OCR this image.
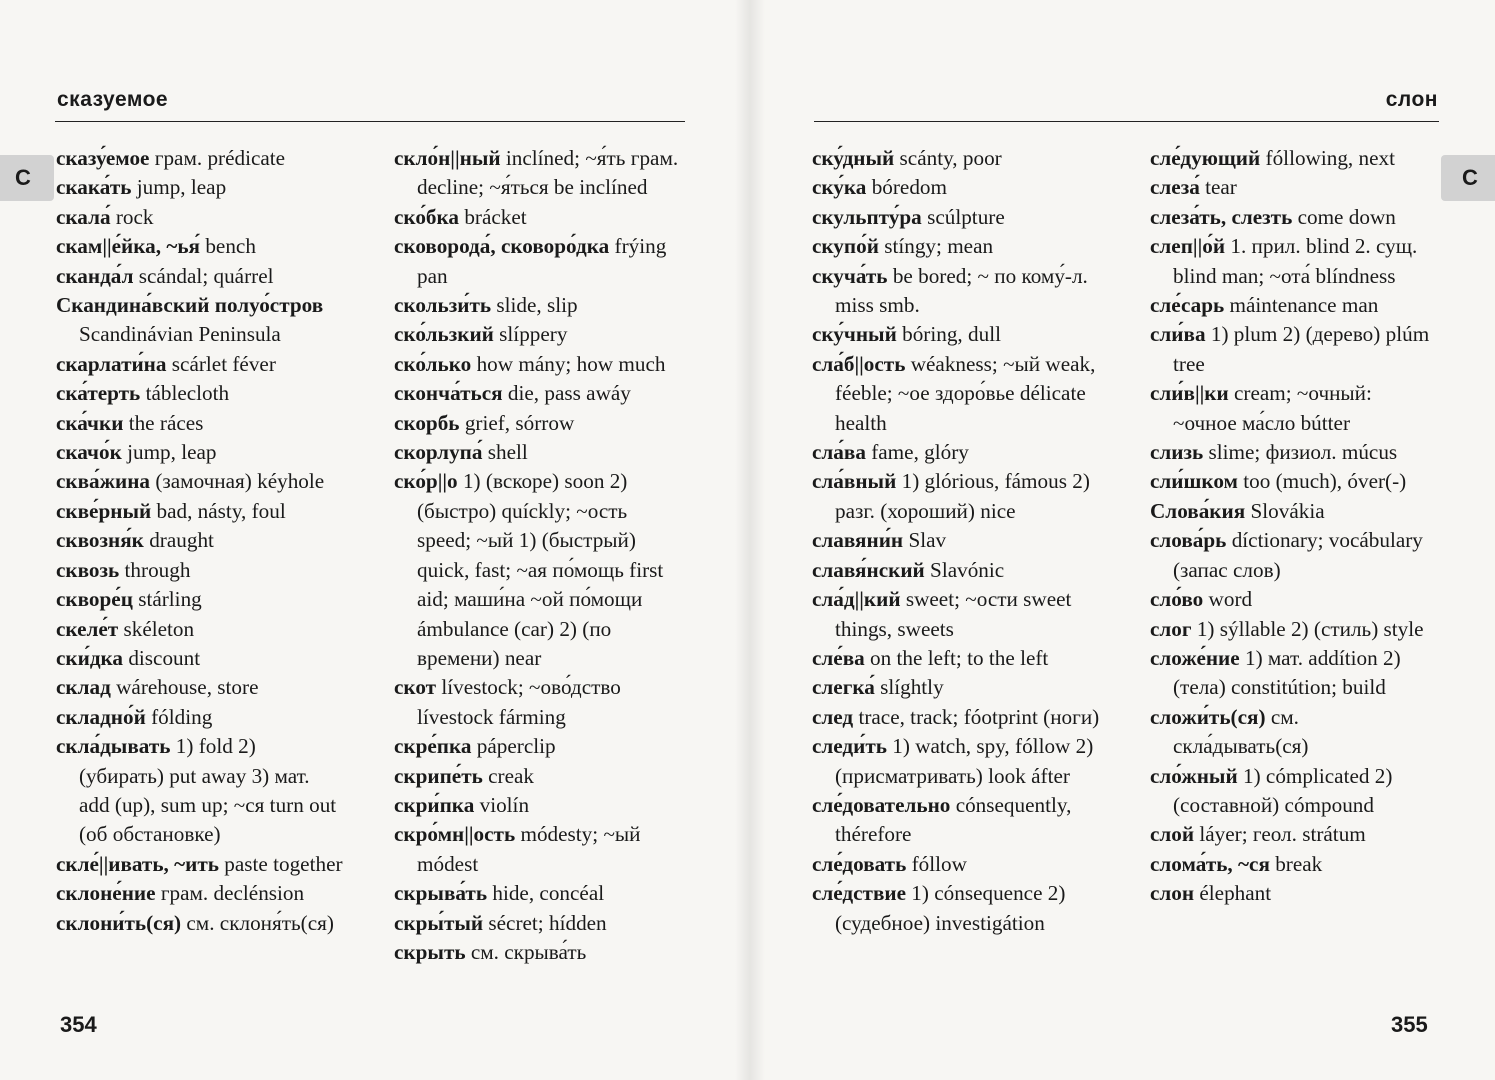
сказуемое
С

сказу́емое грам. prédicate

скака́ть jump, leap

скала́ rock

скам||е́йка, ~ья́ bench

сканда́л scándal; quárrel

Скандина́вский полуо́стров Scandinávian Peninsula

скарлати́на scárlet féver

ска́терть táblecloth

ска́чки the ráces

скачо́к jump, leap

сква́жина (замочная) kéyhole

скве́рный bad, násty, foul

сквозня́к draught

сквозь through

скворе́ц stárling

скеле́т skéleton

ски́дка discount

склад wárehouse, store

складно́й fólding

скла́дывать 1) fold 2) (убирать) put away 3) мат. add (up), sum up; ~ся turn out (об обстановке)

скле́||ивать, ~ить paste together

склоне́ние грам. declénsion

склони́ть(ся) см. склоня́ть(ся)

скло́н||ный inclíned; ~я́ть грам. decline; ~я́ться be inclíned

ско́бка brácket

сковорода́, сковоро́дка frýing pan

скользи́ть slide, slip

ско́льзкий slíppery

ско́лько how mány; how much

сконча́ться die, pass awáy

скорбь grief, sórrow

скорлупа́ shell

ско́р||о 1) (вскоре) soon 2) (быстро) quíckly; ~ость speed; ~ый 1) (быстрый) quick, fast; ~ая по́мощь first aid; маши́на ~ой по́мощи ámbulance (car) 2) (по времени) near

скот lívestock; ~ово́дство lívestock fárming

скре́пка páperclip

скрипе́ть creak

скри́пка violín

скро́мн||ость módesty; ~ый módest

скрыва́ть hide, concéal

скры́тый sécret; hídden

скрыть см. скрыва́ть

354
слон
С

ску́дный scánty, poor

ску́ка bóredom

скульпту́ра scúlpture

скупо́й stíngy; mean

скуча́ть be bored; ~ по кому́-л. miss smb.

ску́чный bóring, dull

сла́б||ость wéakness; ~ый weak, féeble; ~ое здоро́вье délicate health

сла́ва fame, glóry

сла́вный 1) glórious, fámous 2) разг. (хороший) nice

славяни́н Slav

славя́нский Slavónic

сла́д||кий sweet; ~ости sweet things, sweets

сле́ва on the left; to the left

слегка́ slíghtly

след trace, track; fóotprint (ноги)

следи́ть 1) watch, spy, fóllow 2) (присматривать) look áfter

сле́довательно cónsequently, thérefore

сле́довать fóllow

сле́дствие 1) cónsequence 2) (судебное) investigátion

сле́дующий fóllowing, next

слеза́ tear

слеза́ть, слезть come down

слеп||о́й 1. прил. blind 2. сущ. blind man; ~ота́ blíndness

сле́сарь máintenance man

сли́ва 1) plum 2) (дерево) plúm tree

сли́в||ки cream; ~очный: ~очное ма́сло bútter

слизь slime; физиол. múcus

сли́шком too (much), óver(-)

Слова́кия Slovákia

слова́рь díctionary; vocábulary (запас слов)

сло́во word

слог 1) sýllable 2) (стиль) style

сложе́ние 1) мат. addítion 2) (тела) constitútion; build

сложи́ть(ся) см. скла́дывать(ся)

сло́жный 1) cómplicated 2) (составной) cómpound

слой láyer; геол. strátum

слома́ть, ~ся break

слон élephant

355
